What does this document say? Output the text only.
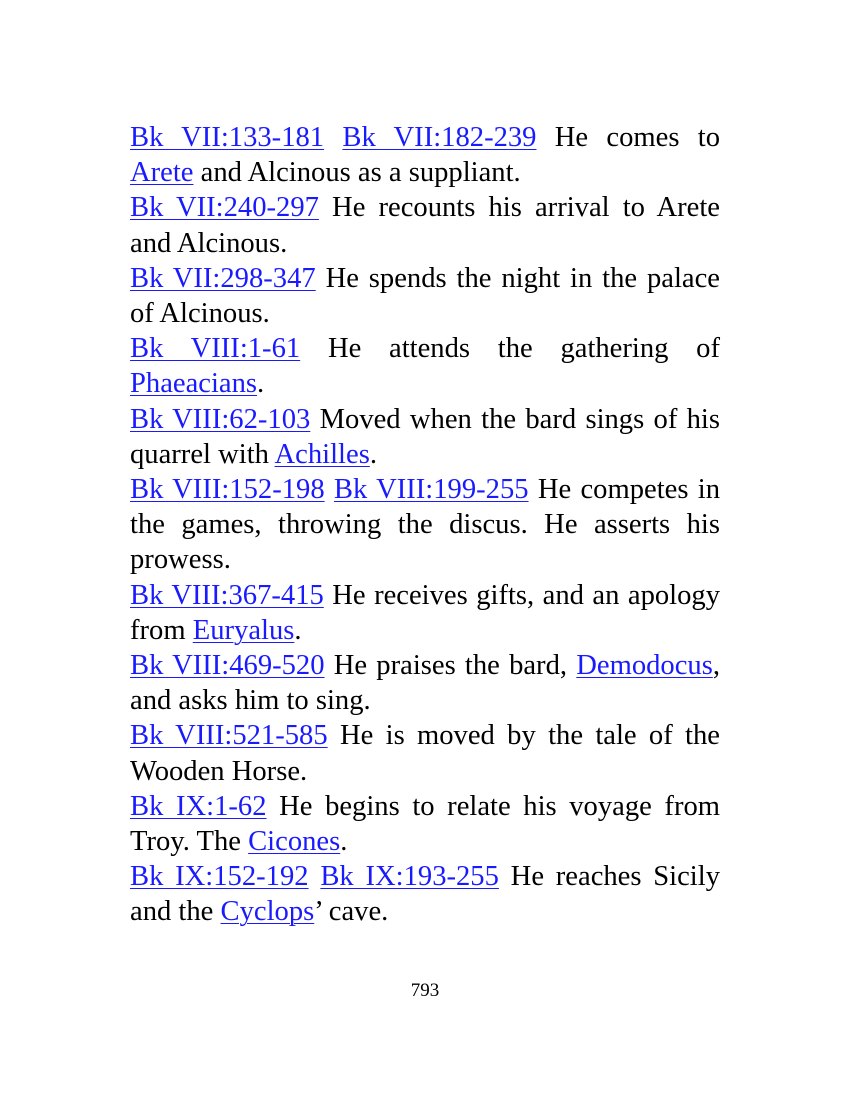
Bk VII:133-181 Bk VII:182-239 He comes to Arete and Alcinous as a suppliant.

Bk VII:240-297 He recounts his arrival to Arete and Alcinous.

Bk VII:298-347 He spends the night in the palace of Alcinous.

Bk VIII:1-61 He attends the gathering of Phaeacians.

Bk VIII:62-103 Moved when the bard sings of his quarrel with Achilles.

Bk VIII:152-198 Bk VIII:199-255 He competes in the games, throwing the discus. He asserts his prowess.

Bk VIII:367-415 He receives gifts, and an apology from Euryalus.

Bk VIII:469-520 He praises the bard, Demodocus, and asks him to sing.

Bk VIII:521-585 He is moved by the tale of the Wooden Horse.

Bk IX:1-62 He begins to relate his voyage from Troy. The Cicones.

Bk IX:152-192 Bk IX:193-255 He reaches Sicily and the Cyclops’ cave.

793
